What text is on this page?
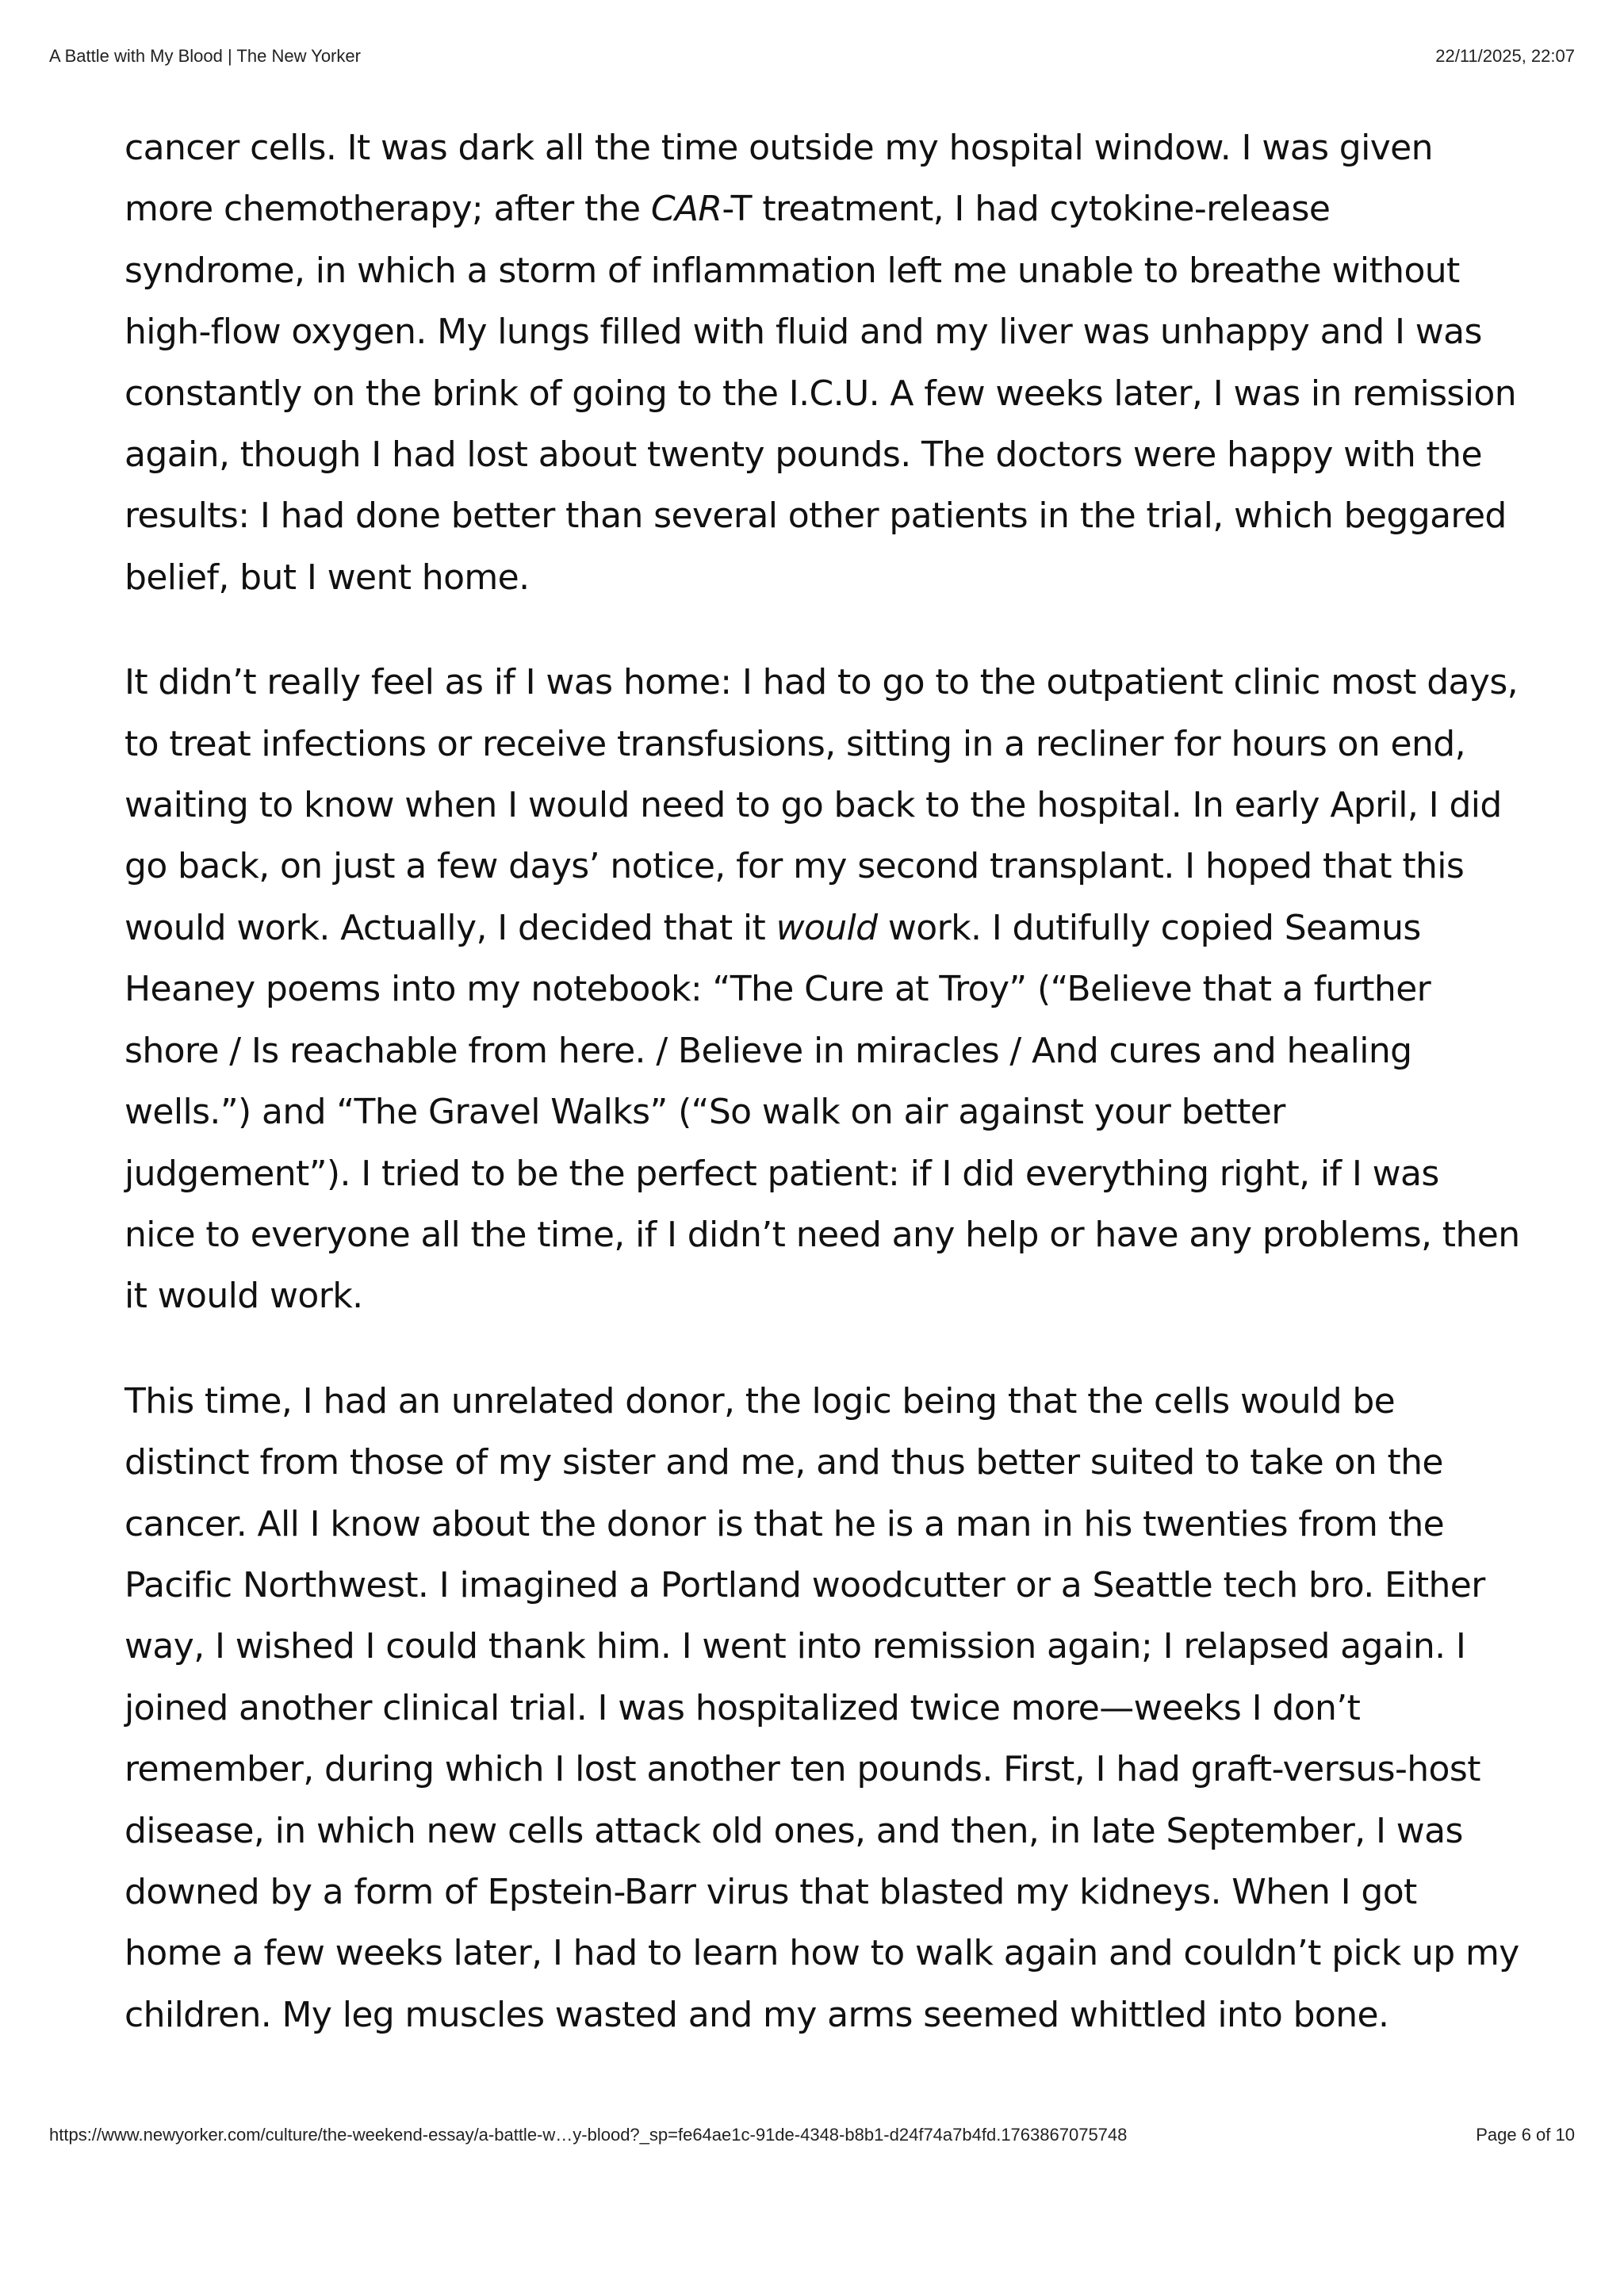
A Battle with My Blood | The New Yorker	22/11/2025, 22:07

cancer cells. It was dark all the time outside my hospital window. I was given more chemotherapy; after the CAR-T treatment, I had cytokine-release syndrome, in which a storm of inflammation left me unable to breathe without high-flow oxygen. My lungs filled with fluid and my liver was unhappy and I was constantly on the brink of going to the I.C.U. A few weeks later, I was in remission again, though I had lost about twenty pounds. The doctors were happy with the results: I had done better than several other patients in the trial, which beggared belief, but I went home.

It didn’t really feel as if I was home: I had to go to the outpatient clinic most days, to treat infections or receive transfusions, sitting in a recliner for hours on end, waiting to know when I would need to go back to the hospital. In early April, I did go back, on just a few days’ notice, for my second transplant. I hoped that this would work. Actually, I decided that it would work. I dutifully copied Seamus Heaney poems into my notebook: “The Cure at Troy” (“Believe that a further shore / Is reachable from here. / Believe in miracles / And cures and healing wells.”) and “The Gravel Walks” (“So walk on air against your better judgement”). I tried to be the perfect patient: if I did everything right, if I was nice to everyone all the time, if I didn’t need any help or have any problems, then it would work.

This time, I had an unrelated donor, the logic being that the cells would be distinct from those of my sister and me, and thus better suited to take on the cancer. All I know about the donor is that he is a man in his twenties from the Pacific Northwest. I imagined a Portland woodcutter or a Seattle tech bro. Either way, I wished I could thank him. I went into remission again; I relapsed again. I joined another clinical trial. I was hospitalized twice more—weeks I don’t remember, during which I lost another ten pounds. First, I had graft-versus-host disease, in which new cells attack old ones, and then, in late September, I was downed by a form of Epstein-Barr virus that blasted my kidneys. When I got home a few weeks later, I had to learn how to walk again and couldn’t pick up my children. My leg muscles wasted and my arms seemed whittled into bone.

https://www.newyorker.com/culture/the-weekend-essay/a-battle-w…y-blood?_sp=fe64ae1c-91de-4348-b8b1-d24f74a7b4fd.1763867075748	Page 6 of 10
